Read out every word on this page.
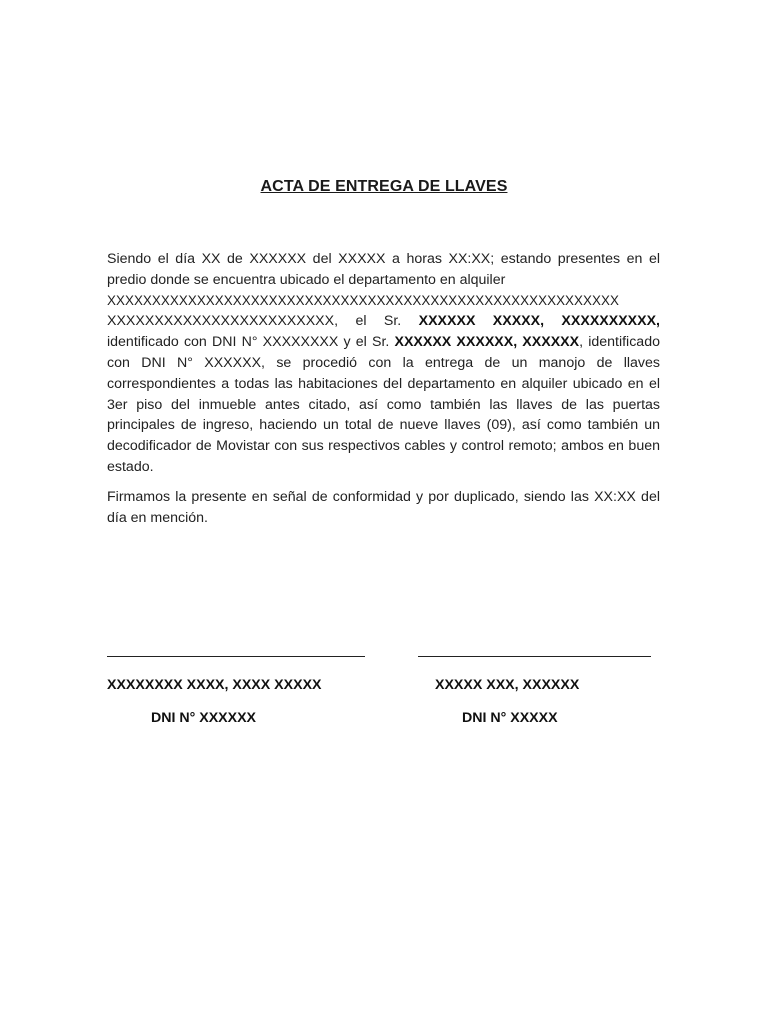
ACTA DE ENTREGA DE LLAVES
Siendo el día XX de XXXXXX del XXXXX a horas XX:XX; estando presentes en el predio donde se encuentra ubicado el departamento en alquiler
XXXXXXXXXXXXXXXXXXXXXXXXXXXXXXXXXXXXXXXXXXXXXXXXXXXXXXXXX
XXXXXXXXXXXXXXXXXXXXXXXX, el Sr. XXXXXX XXXXX, XXXXXXXXXX, identificado con DNI N° XXXXXXXX y el Sr. XXXXXX XXXXXX, XXXXXX, identificado con DNI N° XXXXXX, se procedió con la entrega de un manojo de llaves correspondientes a todas las habitaciones del departamento en alquiler ubicado en el 3er piso del inmueble antes citado, así como también las llaves de las puertas principales de ingreso, haciendo un total de nueve llaves (09), así como también un decodificador de Movistar con sus respectivos cables y control remoto; ambos en buen estado.
Firmamos la presente en señal de conformidad y por duplicado, siendo las XX:XX del día en mención.
XXXXXXXX XXXX, XXXX XXXXX	XXXXX XXX, XXXXXX
DNI N° XXXXXX	DNI N° XXXXX
